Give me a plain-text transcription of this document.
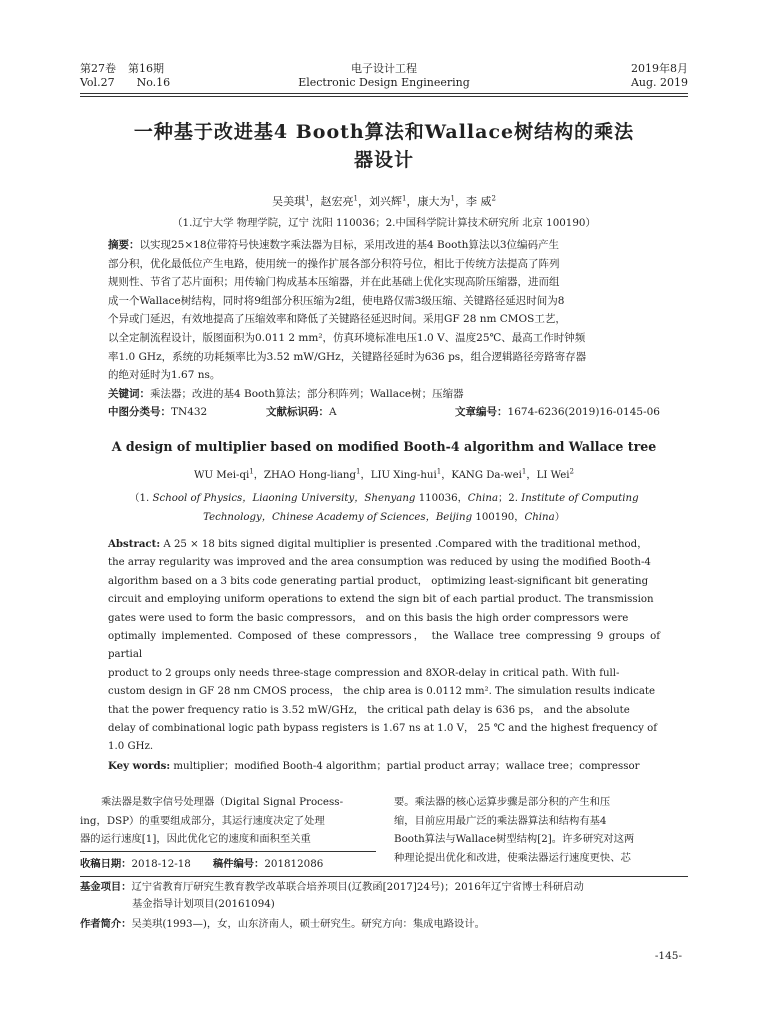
第27卷 第16期
Vol.27 No.16
电子设计工程
Electronic Design Engineering
2019年8月
Aug. 2019
一种基于改进基4 Booth算法和Wallace树结构的乘法
器设计
吴美琪$^1$，赵宏亮$^1$，刘兴辉$^1$，康大为$^1$，李 威$^2$
（1.辽宁大学 物理学院，辽宁 沈阳 110036；2.中国科学院计算技术研究所 北京 100190）
摘要：以实现25×18位带符号快速数字乘法器为目标，采用改进的基4 Booth算法以3位编码产生
部分积，优化最低位产生电路，使用统一的操作扩展各部分积符号位，相比于传统方法提高了阵列
规则性、节省了芯片面积；用传输门构成基本压缩器，并在此基础上优化实现高阶压缩器，进而组
成一个Wallace树结构，同时将9组部分积压缩为2组，使电路仅需3级压缩、关键路径延迟时间为8
个异或门延迟，有效地提高了压缩效率和降低了关键路径延迟时间。采用GF 28 nm CMOS工艺，
以全定制流程设计，版图面积为0.011 2 mm²，仿真环境标准电压1.0 V、温度25℃、最高工作时钟频
率1.0 GHz，系统的功耗频率比为3.52 mW/GHz，关键路径延时为636 ps，组合逻辑路径旁路寄存器
的绝对延时为1.67 ns。
关键词：乘法器；改进的基4 Booth算法；部分积阵列；Wallace树；压缩器
中图分类号：TN432	文献标识码：A	文章编号：1674-6236(2019)16-0145-06
A design of multiplier based on modified Booth-4 algorithm and Wallace tree
WU Mei-$qi^1$，ZHAO Hong-liang$^1$，LIU Xing-hui$^1$，KANG Da-wei$^1$，LI Wei$^2$
（1. School of Physics，Liaoning University，Shenyang 110036，China；2. Institute of Computing
Technology，Chinese Academy of Sciences，Beijing 100190，China）
Abstract: A 25 × 18 bits signed digital multiplier is presented .Compared with the traditional method，
the array regularity was improved and the area consumption was reduced by using the modified Booth-4
algorithm based on a 3 bits code generating partial product， optimizing least-significant bit generating
circuit and employing uniform operations to extend the sign bit of each partial product. The transmission
gates were used to form the basic compressors， and on this basis the high order compressors were
optimally implemented. Composed of these compressors， the Wallace tree compressing 9 groups of partial
product to 2 groups only needs three-stage compression and 8XOR-delay in critical path. With full-
custom design in GF 28 nm CMOS process， the chip area is 0.0112 mm². The simulation results indicate
that the power frequency ratio is 3.52 mW/GHz， the critical path delay is 636 ps， and the absolute
delay of combinational logic path bypass registers is 1.67 ns at 1.0 V， 25 ℃ and the highest frequency of
1.0 GHz.
Key words: multiplier；modified Booth-4 algorithm；partial product array；wallace tree；compressor
乘法器是数字信号处理器（Digital Signal Process-
ing，DSP）的重要组成部分，其运行速度决定了处理
器的运行速度[1]，因此优化它的速度和面积至关重
要。乘法器的核心运算步骤是部分积的产生和压
缩，目前应用最广泛的乘法器算法和结构有基4
Booth算法与Wallace树型结构[2]。许多研究对这两
种理论提出优化和改进，使乘法器运行速度更快、芯
收稿日期：2018-12-18 稿件编号：201812086
基金项目：辽宁省教育厅研究生教育教学改革联合培养项目(辽教函[2017]24号)；2016年辽宁省博士科研启动
基金指导计划项目(20161094)
作者简介：吴美琪(1993—)，女，山东济南人，硕士研究生。研究方向：集成电路设计。
-145-
